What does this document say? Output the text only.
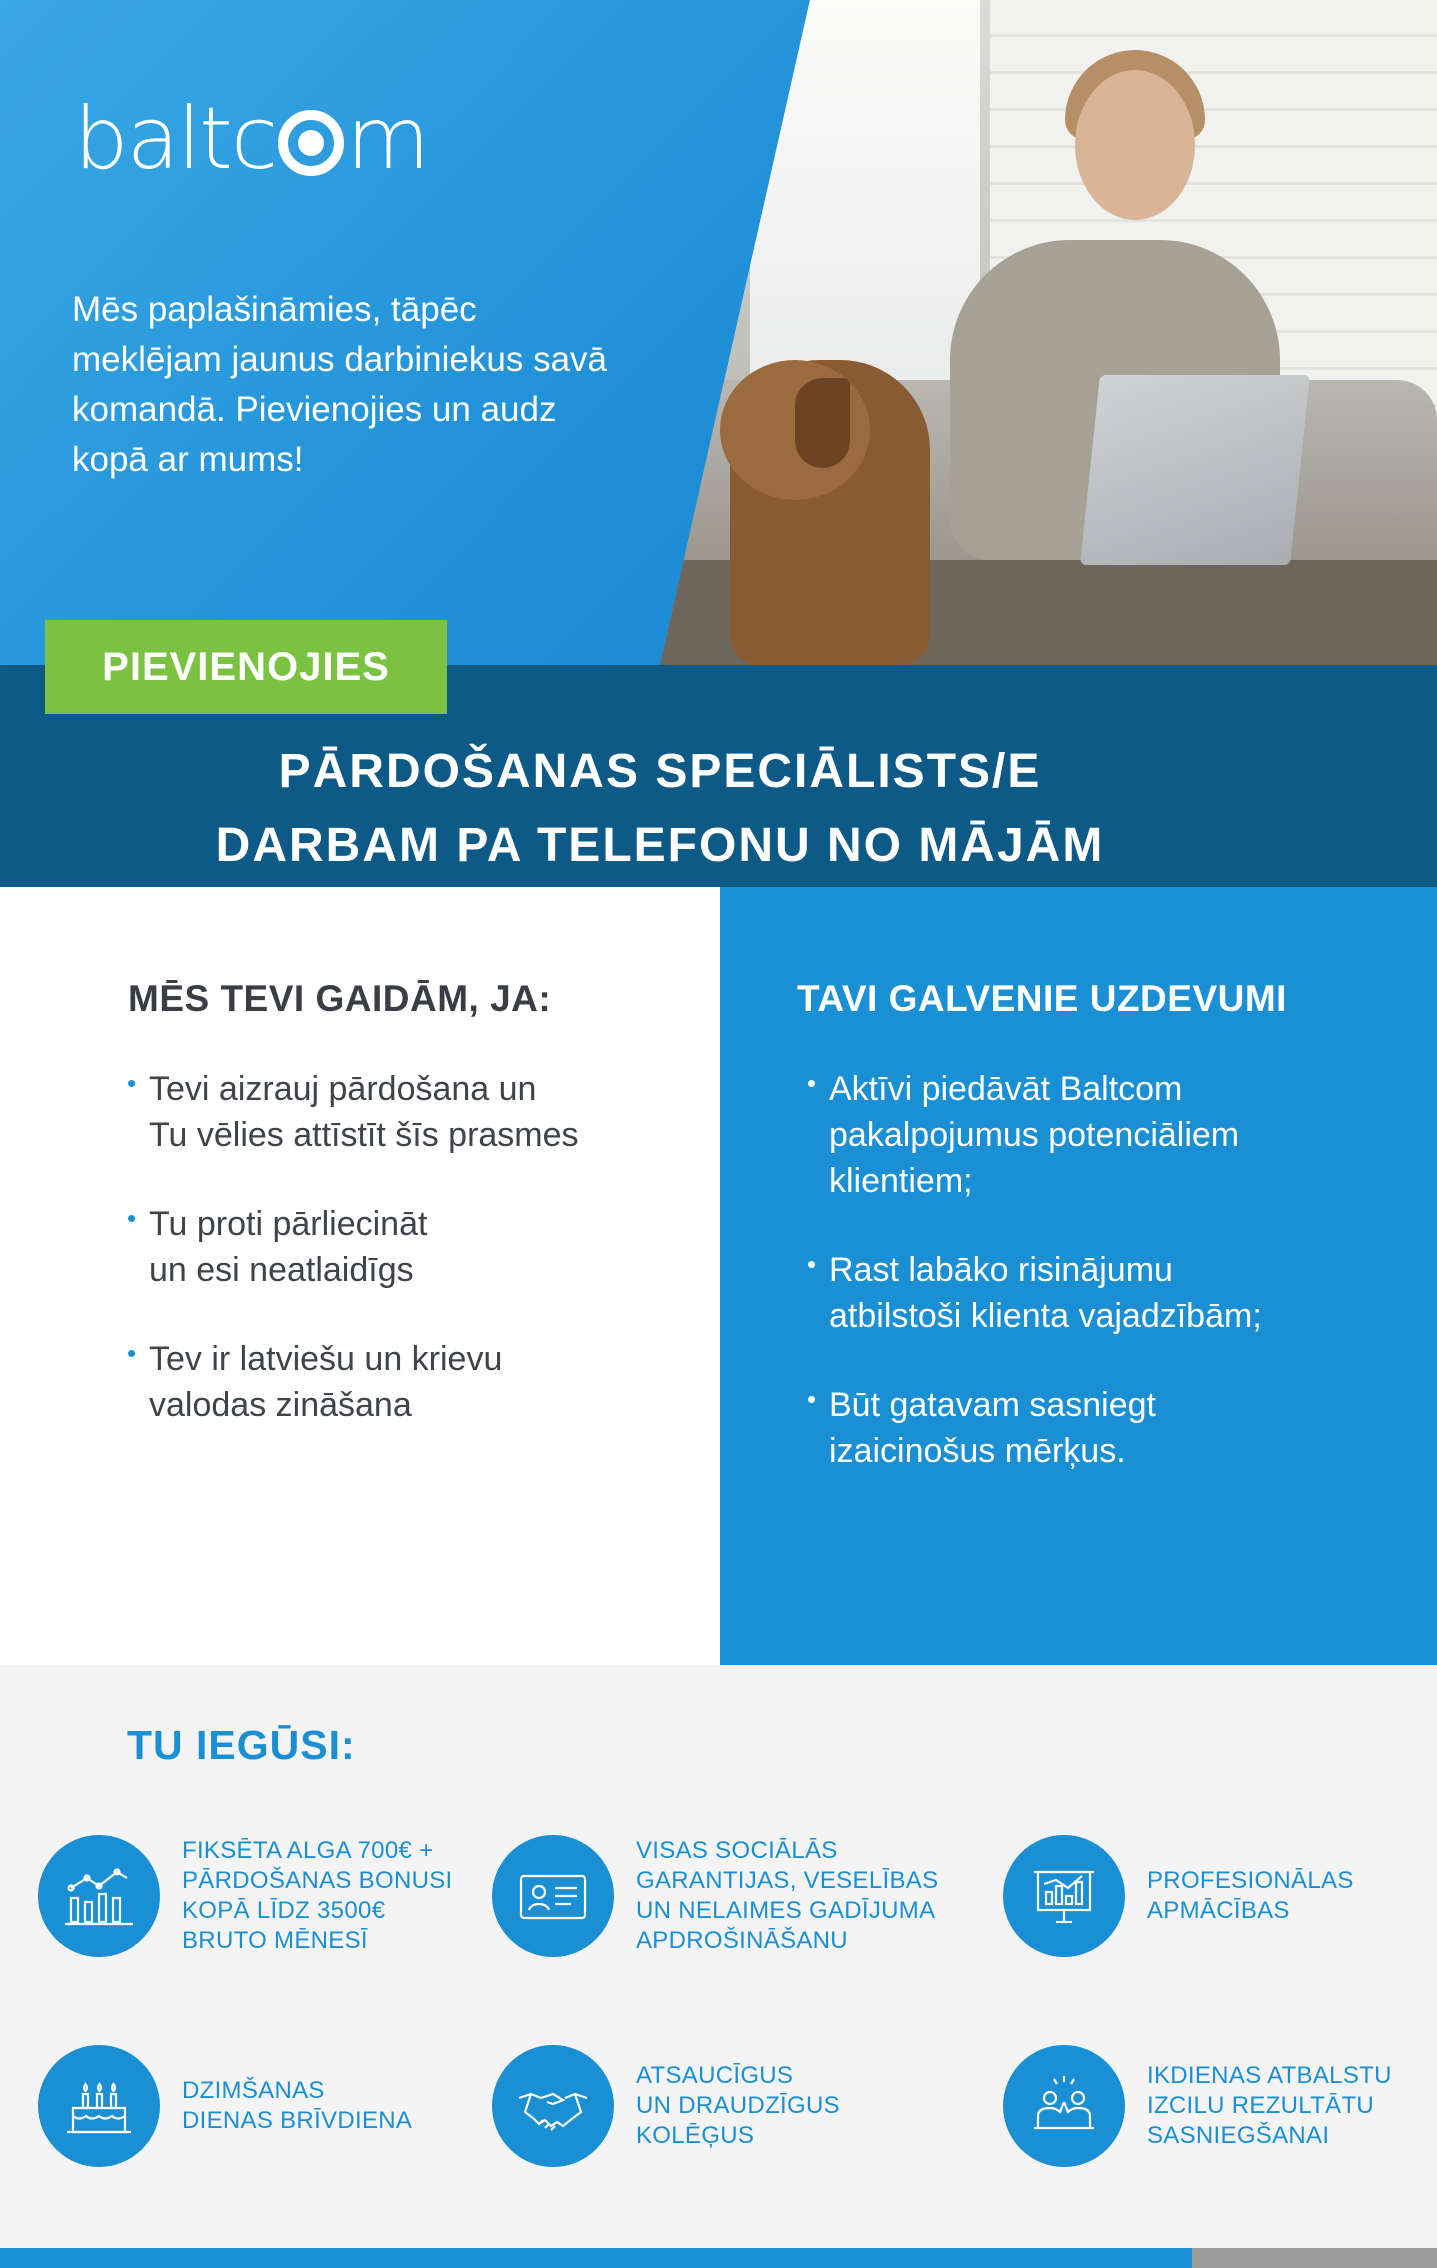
baltc m

Mēs paplašināmies, tāpēc meklējam jaunus darbiniekus savā komandā. Pievienojies un audz kopā ar mums!

PIEVIENOJIES
PĀRDOŠANAS SPECIĀLISTS/E
DARBAM PA TELEFONU NO MĀJĀM
MĒS TEVI GAIDĀM, JA:
• Tevi aizrauj pārdošana un
Tu vēlies attīstīt šīs prasmes
• Tu proti pārliecināt
un esi neatlaidīgs
• Tev ir latviešu un krievu
valodas zināšana
TAVI GALVENIE UZDEVUMI
• Aktīvi piedāvāt Baltcom
pakalpojumus potenciāliem
klientiem;
• Rast labāko risinājumu
atbilstoši klienta vajadzībām;
• Būt gatavam sasniegt
izaicinošus mērķus.
TU IEGŪSI:
FIKSĒTA ALGA 700€ +
PĀRDOŠANAS BONUSI
KOPĀ LĪDZ 3500€
BRUTO MĒNESĪ
VISAS SOCIĀLĀS
GARANTIJAS, VESELĪBAS
UN NELAIMES GADĪJUMA
APDROŠINĀŠANU
PROFESIONĀLAS
APMĀCĪBAS
DZIMŠANAS
DIENAS BRĪVDIENA
ATSAUCĪGUS
UN DRAUDZĪGUS
KOLĒĢUS
IKDIENAS ATBALSTU
IZCILU REZULTĀTU
SASNIEGŠANAI
